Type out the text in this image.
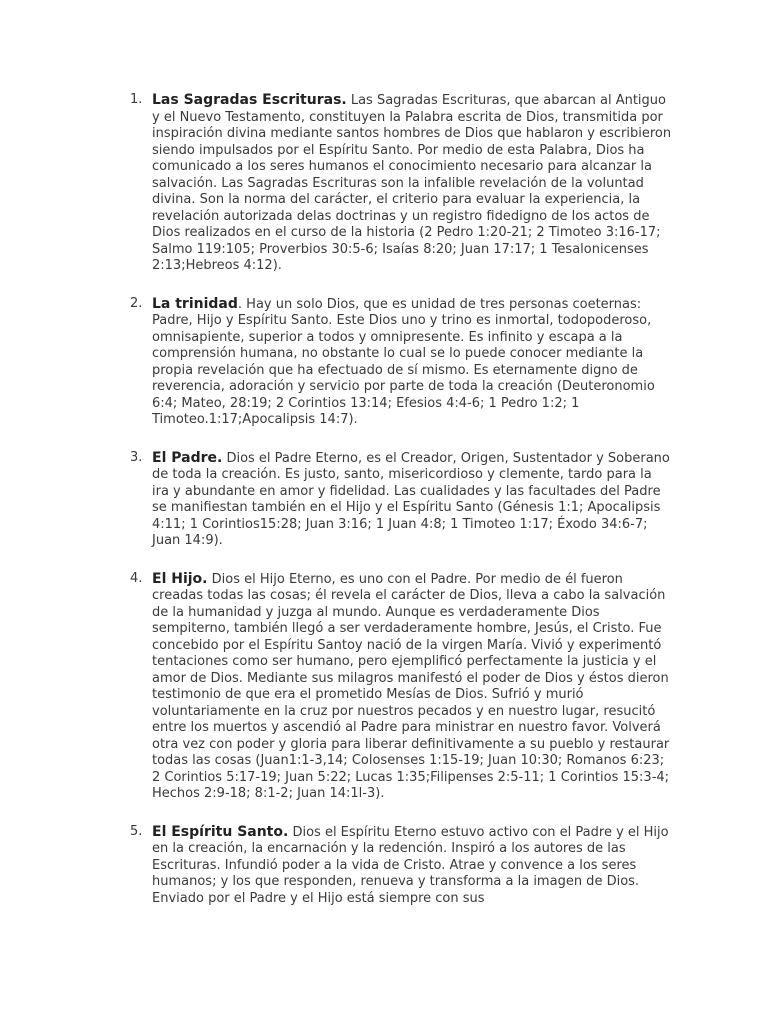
1. Las Sagradas Escrituras. Las Sagradas Escrituras, que abarcan al Antiguo y el Nuevo Testamento, constituyen la Palabra escrita de Dios, transmitida por inspiración divina mediante santos hombres de Dios que hablaron y escribieron siendo impulsados por el Espíritu Santo. Por medio de esta Palabra, Dios ha comunicado a los seres humanos el conocimiento necesario para alcanzar la salvación. Las Sagradas Escrituras son la infalible revelación de la voluntad divina. Son la norma del carácter, el criterio para evaluar la experiencia, la revelación autorizada delas doctrinas y un registro fidedigno de los actos de Dios realizados en el curso de la historia (2 Pedro 1:20-21; 2 Timoteo 3:16-17; Salmo 119:105; Proverbios 30:5-6; Isaías 8:20; Juan 17:17; 1 Tesalonicenses 2:13;Hebreos 4:12).
2. La trinidad. Hay un solo Dios, que es unidad de tres personas coeternas: Padre, Hijo y Espíritu Santo. Este Dios uno y trino es inmortal, todopoderoso, omnisapiente, superior a todos y omnipresente. Es infinito y escapa a la comprensión humana, no obstante lo cual se lo puede conocer mediante la propia revelación que ha efectuado de sí mismo. Es eternamente digno de reverencia, adoración y servicio por parte de toda la creación (Deuteronomio 6:4; Mateo, 28:19; 2 Corintios 13:14; Efesios 4:4-6; 1 Pedro 1:2; 1 Timoteo.1:17;Apocalipsis 14:7).
3. El Padre. Dios el Padre Eterno, es el Creador, Origen, Sustentador y Soberano de toda la creación. Es justo, santo, misericordioso y clemente, tardo para la ira y abundante en amor y fidelidad. Las cualidades y las facultades del Padre se manifiestan también en el Hijo y el Espíritu Santo (Génesis 1:1; Apocalipsis 4:11; 1 Corintios15:28; Juan 3:16; 1 Juan 4:8; 1 Timoteo 1:17; Éxodo 34:6-7; Juan 14:9).
4. El Hijo. Dios el Hijo Eterno, es uno con el Padre. Por medio de él fueron creadas todas las cosas; él revela el carácter de Dios, lleva a cabo la salvación de la humanidad y juzga al mundo. Aunque es verdaderamente Dios sempiterno, también llegó a ser verdaderamente hombre, Jesús, el Cristo. Fue concebido por el Espíritu Santoy nació de la virgen María. Vivió y experimentó tentaciones como ser humano, pero ejemplificó perfectamente la justicia y el amor de Dios. Mediante sus milagros manifestó el poder de Dios y éstos dieron testimonio de que era el prometido Mesías de Dios. Sufrió y murió voluntariamente en la cruz por nuestros pecados y en nuestro lugar, resucitó entre los muertos y ascendió al Padre para ministrar en nuestro favor. Volverá otra vez con poder y gloria para liberar definitivamente a su pueblo y restaurar todas las cosas (Juan1:1-3,14; Colosenses 1:15-19; Juan 10:30; Romanos 6:23; 2 Corintios 5:17-19; Juan 5:22; Lucas 1:35;Filipenses 2:5-11; 1 Corintios 15:3-4; Hechos 2:9-18; 8:1-2; Juan 14:1l-3).
5. El Espíritu Santo. Dios el Espíritu Eterno estuvo activo con el Padre y el Hijo en la creación, la encarnación y la redención. Inspiró a los autores de las Escrituras. Infundió poder a la vida de Cristo. Atrae y convence a los seres humanos; y los que responden, renueva y transforma a la imagen de Dios. Enviado por el Padre y el Hijo está siempre con sus
